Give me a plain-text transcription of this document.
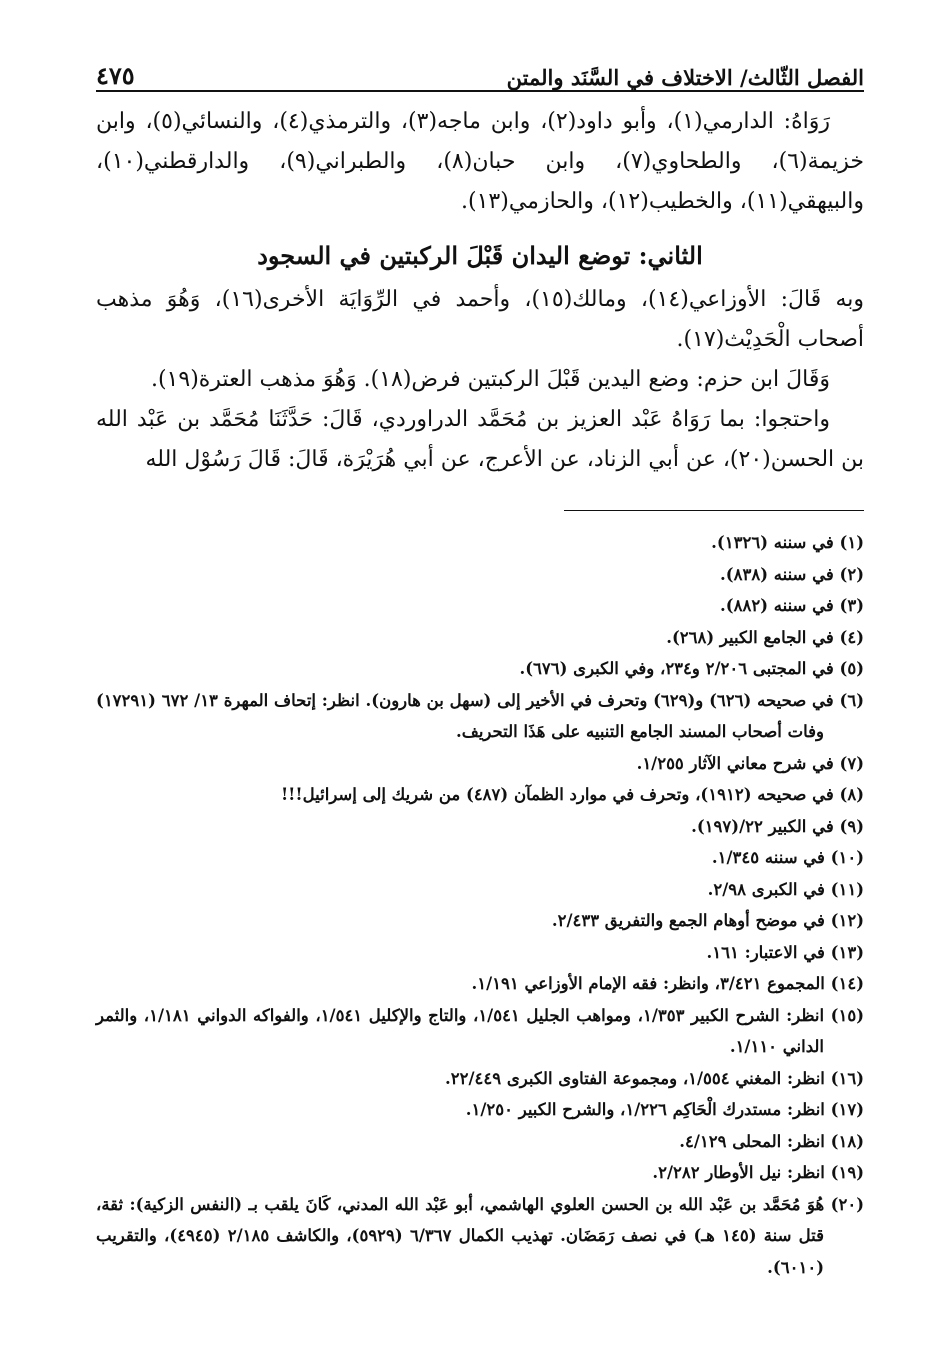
الفصل الثّالث/ الاختلاف في السَّنَد والمتن
٤٧٥

رَوَاهُ: الدارمي(١)، وأبو داود(٢)، وابن ماجه(٣)، والترمذي(٤)، والنسائي(٥)، وابن خزيمة(٦)، والطحاوي(٧)، وابن حبان(٨)، والطبراني(٩)، والدارقطني(١٠)، والبيهقي(١١)، والخطيب(١٢)، والحازمي(١٣).

الثاني: توضع اليدان قَبْلَ الركبتين في السجود

وبه قَالَ: الأوزاعي(١٤)، ومالك(١٥)، وأحمد في الرِّوَايَة الأخرى(١٦)، وَهُوَ مذهب أصحاب الْحَدِيْث(١٧).

وَقَالَ ابن حزم: وضع اليدين قَبْلَ الركبتين فرض(١٨). وَهُوَ مذهب العترة(١٩).

واحتجوا: بما رَوَاهُ عَبْد العزيز بن مُحَمَّد الدراوردي، قَالَ: حَدَّثَنَا مُحَمَّد بن عَبْد الله بن الحسن(٢٠)، عن أبي الزناد، عن الأعرج، عن أبي هُرَيْرَة، قَالَ: قَالَ رَسُوْل الله

(١) في سننه (١٣٢٦).
(٢) في سننه (٨٣٨).
(٣) في سننه (٨٨٢).
(٤) في الجامع الكبير (٢٦٨).
(٥) في المجتبى ٢/٢٠٦ و٢٣٤، وفي الكبرى (٦٧٦).
(٦) في صحيحه (٦٢٦) و(٦٢٩) وتحرف في الأخير إلى (سهل بن هارون). انظر: إتحاف المهرة ١٣/ ٦٧٢ (١٧٢٩١) وفات أصحاب المسند الجامع التنبيه على هَذَا التحريف.
(٧) في شرح معاني الآثار ١/٢٥٥.
(٨) في صحيحه (١٩١٢)، وتحرف في موارد الظمآن (٤٨٧) من شريك إلى إسرائيل!!!
(٩) في الكبير ٢٢/(١٩٧).
(١٠) في سننه ١/٣٤٥.
(١١) في الكبرى ٢/٩٨.
(١٢) في موضح أوهام الجمع والتفريق ٢/٤٣٣.
(١٣) في الاعتبار: ١٦١.
(١٤) المجموع ٣/٤٢١، وانظر: فقه الإمام الأوزاعي ١/١٩١.
(١٥) انظر: الشرح الكبير ١/٣٥٣، ومواهب الجليل ١/٥٤١، والتاج والإكليل ١/٥٤١، والفواكه الدواني ١/١٨١، والثمر الداني ١/١١٠.
(١٦) انظر: المغني ١/٥٥٤، ومجموعة الفتاوى الكبرى ٢٢/٤٤٩.
(١٧) انظر: مستدرك الْحَاكِم ١/٢٢٦، والشرح الكبير ١/٢٥٠.
(١٨) انظر: المحلى ٤/١٢٩.
(١٩) انظر: نيل الأوطار ٢/٢٨٢.
(٢٠) هُوَ مُحَمَّد بن عَبْد الله بن الحسن العلوي الهاشمي، أبو عَبْد الله المدني، كَانَ يلقب بـ (النفس الزكية): ثقة، قتل سنة (١٤٥ هـ) في نصف رَمَضَان. تهذيب الكمال ٦/٣٦٧ (٥٩٢٩)، والكاشف ٢/١٨٥ (٤٩٤٥)، والتقريب (٦٠١٠).
